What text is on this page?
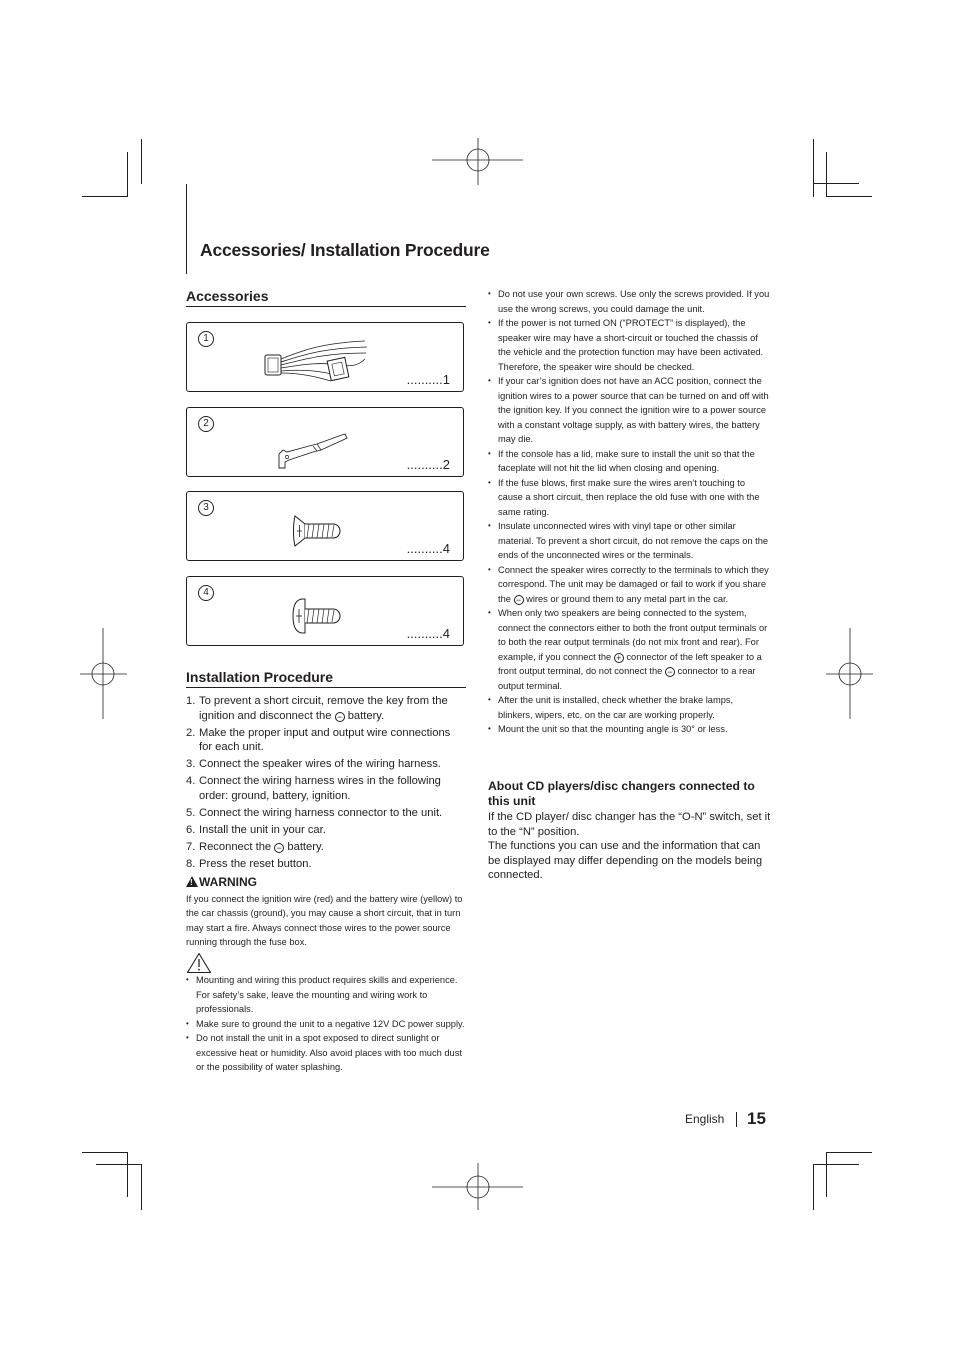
Accessories/ Installation Procedure
Accessories
1
..........1
2
..........2
3
..........4
4
..........4
Installation Procedure
1. To prevent a short circuit, remove the key from the ignition and disconnect the − battery.
2. Make the proper input and output wire connections for each unit.
3. Connect the speaker wires of the wiring harness.
4. Connect the wiring harness wires in the following order: ground, battery, ignition.
5. Connect the wiring harness connector to the unit.
6. Install the unit in your car.
7. Reconnect the − battery.
8. Press the reset button.
! WARNING
If you connect the ignition wire (red) and the battery wire (yellow) to the car chassis (ground), you may cause a short circuit, that in turn may start a fire. Always connect those wires to the power source running through the fuse box.
• Mounting and wiring this product requires skills and experience. For safety’s sake, leave the mounting and wiring work to professionals.
• Make sure to ground the unit to a negative 12V DC power supply.
• Do not install the unit in a spot exposed to direct sunlight or excessive heat or humidity. Also avoid places with too much dust or the possibility of water splashing.
• Do not use your own screws. Use only the screws provided. If you use the wrong screws, you could damage the unit.
• If the power is not turned ON (“PROTECT” is displayed), the speaker wire may have a short-circuit or touched the chassis of the vehicle and the protection function may have been activated. Therefore, the speaker wire should be checked.
• If your car’s ignition does not have an ACC position, connect the ignition wires to a power source that can be turned on and off with the ignition key. If you connect the ignition wire to a power source with a constant voltage supply, as with battery wires, the battery may die.
• If the console has a lid, make sure to install the unit so that the faceplate will not hit the lid when closing and opening.
• If the fuse blows, first make sure the wires aren’t touching to cause a short circuit, then replace the old fuse with one with the same rating.
• Insulate unconnected wires with vinyl tape or other similar material. To prevent a short circuit, do not remove the caps on the ends of the unconnected wires or the terminals.
• Connect the speaker wires correctly to the terminals to which they correspond. The unit may be damaged or fail to work if you share the − wires or ground them to any metal part in the car.
• When only two speakers are being connected to the system, connect the connectors either to both the front output terminals or to both the rear output terminals (do not mix front and rear). For example, if you connect the + connector of the left speaker to a front output terminal, do not connect the − connector to a rear output terminal.
• After the unit is installed, check whether the brake lamps, blinkers, wipers, etc. on the car are working properly.
• Mount the unit so that the mounting angle is 30° or less.
About CD players/disc changers connected to this unit
If the CD player/ disc changer has the “O-N” switch, set it to the “N” position.
The functions you can use and the information that can be displayed may differ depending on the models being connected.
English 15
